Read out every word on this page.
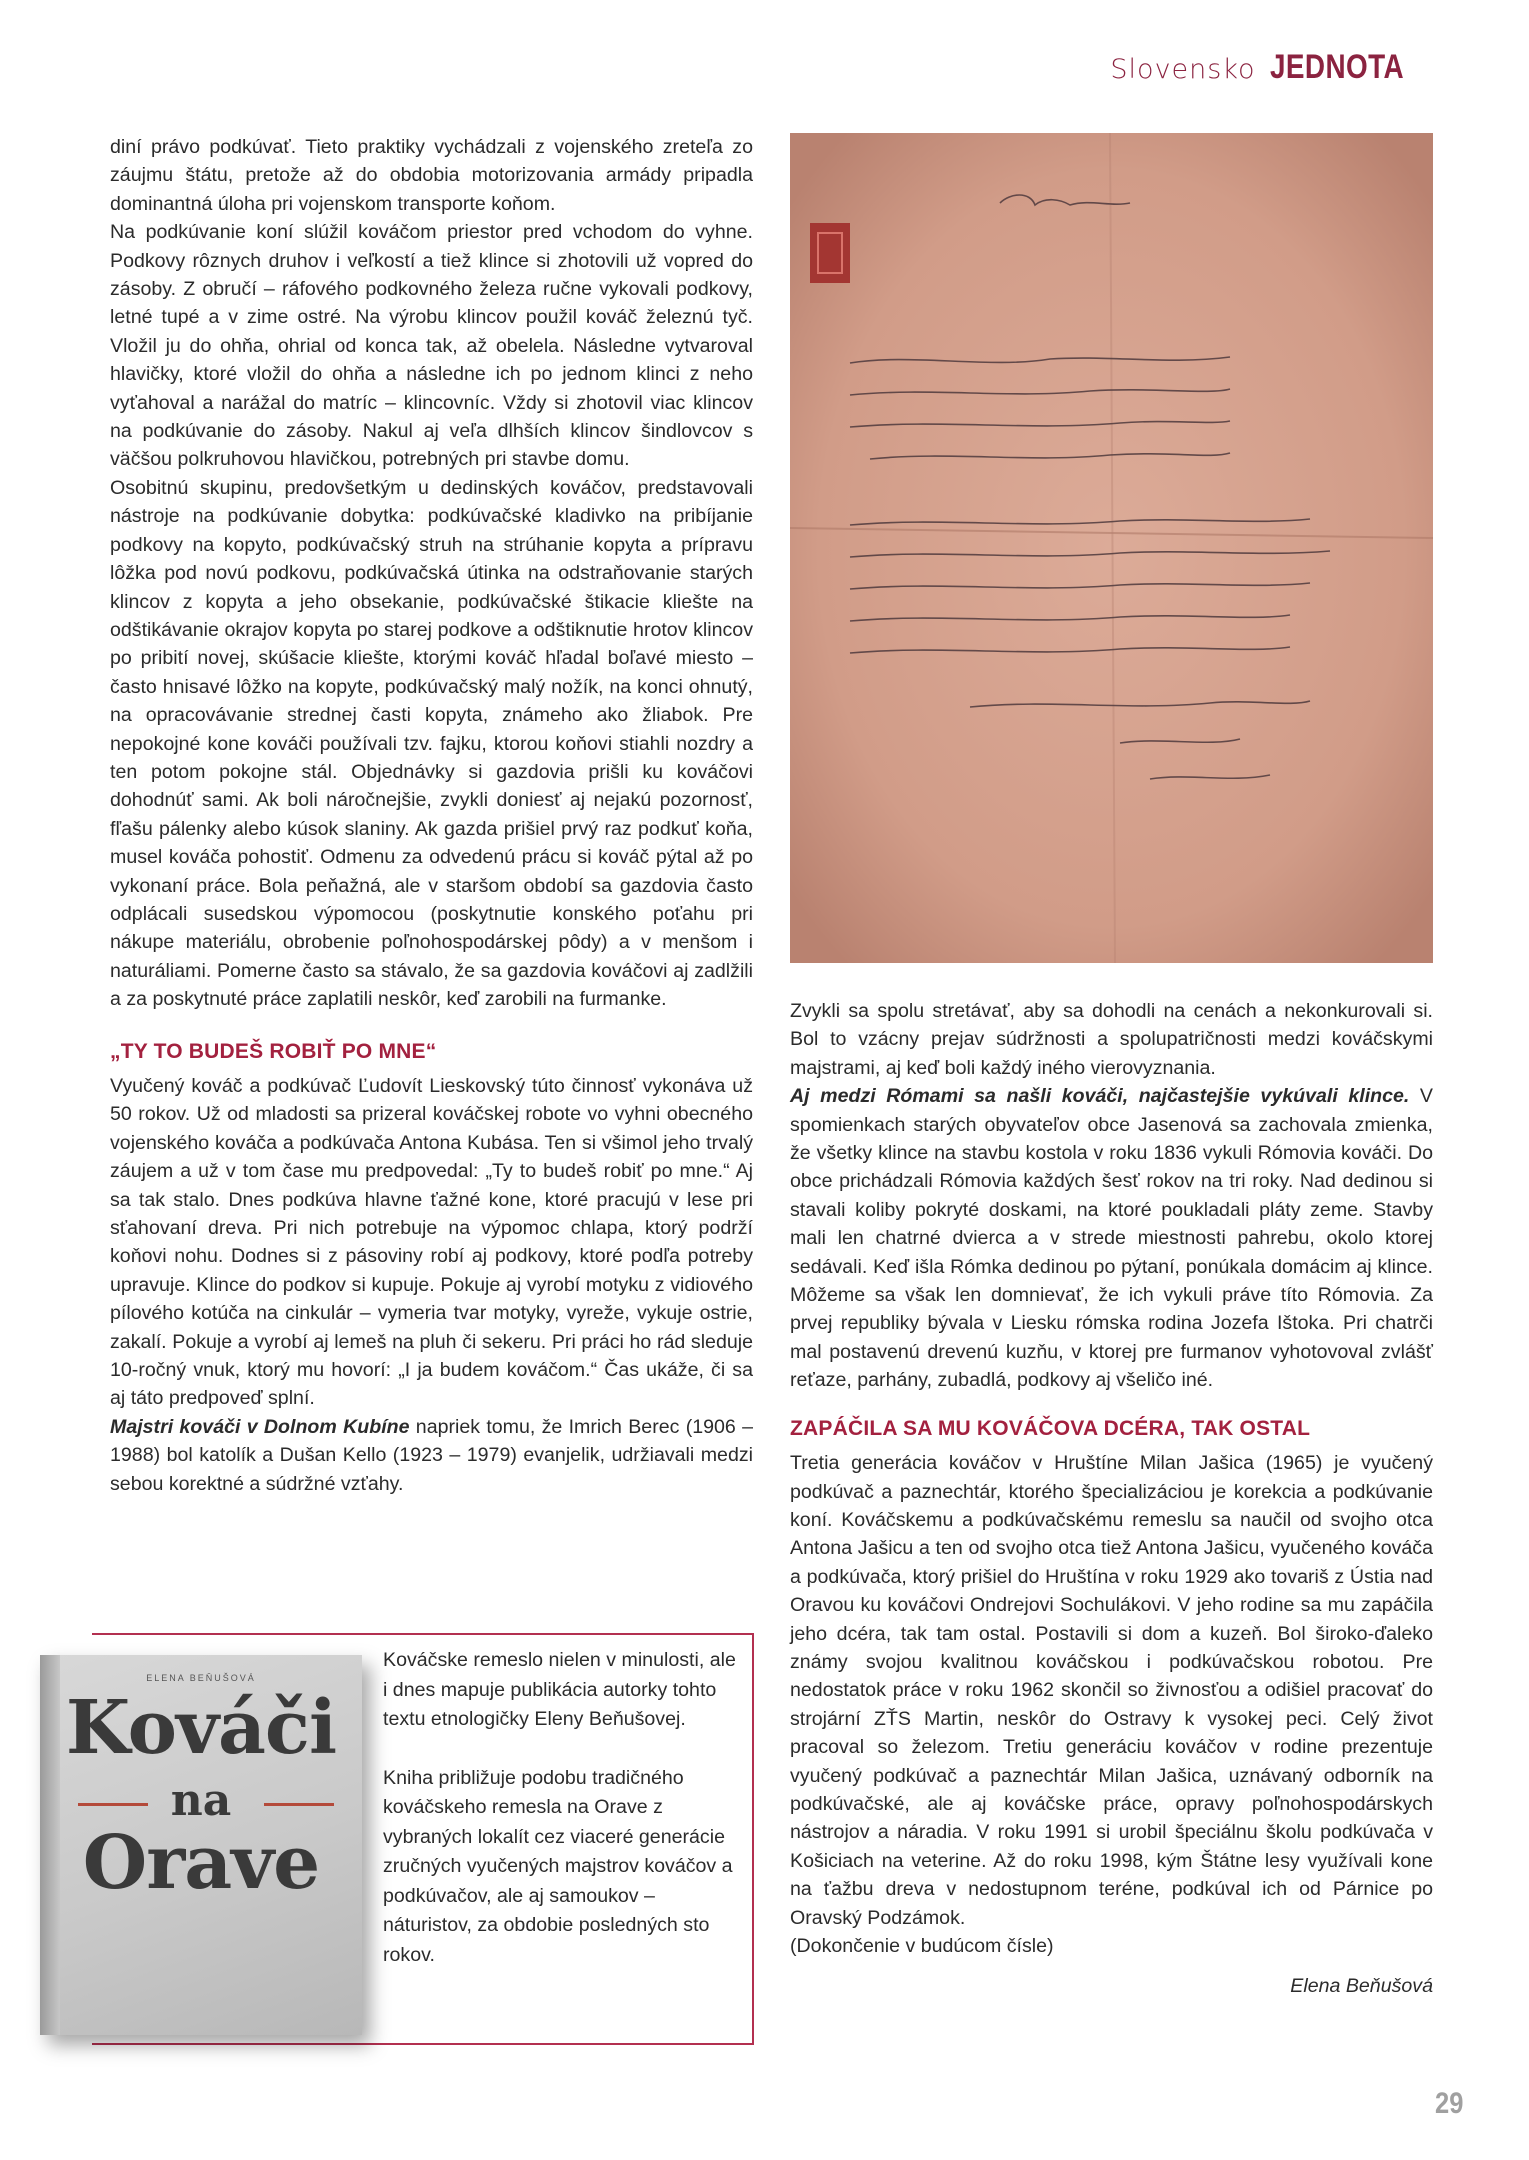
Slovensko JEDNOTA

diní právo podkúvať. Tieto praktiky vychádzali z vojenského zreteľa zo záujmu štátu, pretože až do obdobia motorizovania armády pripadla dominantná úloha pri vojenskom transporte koňom.

Na podkúvanie koní slúžil kováčom priestor pred vchodom do vyhne. Podkovy rôznych druhov i veľkostí a tiež klince si zhotovili už vopred do zásoby. Z obručí – ráfového podkovného železa ručne vykovali podkovy, letné tupé a v zime ostré. Na výrobu klincov použil kováč železnú tyč. Vložil ju do ohňa, ohrial od konca tak, až obelela. Následne vytvaroval hlavičky, ktoré vložil do ohňa a následne ich po jednom klinci z neho vyťahoval a narážal do matríc – klincovníc. Vždy si zhotovil viac klincov na podkúvanie do zásoby. Nakul aj veľa dlhších klincov šindlovcov s väčšou polkruhovou hlavičkou, potrebných pri stavbe domu.

Osobitnú skupinu, predovšetkým u dedinských kováčov, predstavovali nástroje na podkúvanie dobytka: podkúvačské kladivko na pribíjanie podkovy na kopyto, podkúvačský struh na strúhanie kopyta a prípravu lôžka pod novú podkovu, podkúvačská útinka na odstraňovanie starých klincov z kopyta a jeho obsekanie, podkúvačské štikacie kliešte na odštikávanie okrajov kopyta po starej podkove a odštiknutie hrotov klincov po pribití novej, skúšacie kliešte, ktorými kováč hľadal boľavé miesto – často hnisavé lôžko na kopyte, podkúvačský malý nožík, na konci ohnutý, na opracovávanie strednej časti kopyta, známeho ako žliabok. Pre nepokojné kone kováči používali tzv. fajku, ktorou koňovi stiahli nozdry a ten potom pokojne stál. Objednávky si gazdovia prišli ku kováčovi dohodnúť sami. Ak boli náročnejšie, zvykli doniesť aj nejakú pozornosť, fľašu pálenky alebo kúsok slaniny. Ak gazda prišiel prvý raz podkuť koňa, musel kováča pohostiť. Odmenu za odvedenú prácu si kováč pýtal až po vykonaní práce. Bola peňažná, ale v staršom období sa gazdovia často odplácali susedskou výpomocou (poskytnutie konského poťahu pri nákupe materiálu, obrobenie poľnohospodárskej pôdy) a v menšom i naturáliami. Pomerne často sa stávalo, že sa gazdovia kováčovi aj zadlžili a za poskytnuté práce zaplatili neskôr, keď zarobili na furmanke.

„TY TO BUDEŠ ROBIŤ PO MNE“

Vyučený kováč a podkúvač Ľudovít Lieskovský túto činnosť vykonáva už 50 rokov. Už od mladosti sa prizeral kováčskej robote vo vyhni obecného vojenského kováča a podkúvača Antona Kubása. Ten si všimol jeho trvalý záujem a už v tom čase mu predpovedal: „Ty to budeš robiť po mne.“ Aj sa tak stalo. Dnes podkúva hlavne ťažné kone, ktoré pracujú v lese pri sťahovaní dreva. Pri nich potrebuje na výpomoc chlapa, ktorý podrží koňovi nohu. Dodnes si z pásoviny robí aj podkovy, ktoré podľa potreby upravuje. Klince do podkov si kupuje. Pokuje aj vyrobí motyku z vidiového pílového kotúča na cinkulár – vymeria tvar motyky, vyreže, vykuje ostrie, zakalí. Pokuje a vyrobí aj lemeš na pluh či sekeru. Pri práci ho rád sleduje 10-ročný vnuk, ktorý mu hovorí: „I ja budem kováčom.“ Čas ukáže, či sa aj táto predpoveď splní.

Majstri kováči v Dolnom Kubíne napriek tomu, že Imrich Berec (1906 – 1988) bol katolík a Dušan Kello (1923 – 1979) evanjelik, udržiavali medzi sebou korektné a súdržné vzťahy.

Zvykli sa spolu stretávať, aby sa dohodli na cenách a nekonkurovali si. Bol to vzácny prejav súdržnosti a spolupatričnosti medzi kováčskymi majstrami, aj keď boli každý iného vierovyznania.

Aj medzi Rómami sa našli kováči, najčastejšie vykúvali klince. V spomienkach starých obyvateľov obce Jasenová sa zachovala zmienka, že všetky klince na stavbu kostola v roku 1836 vykuli Rómovia kováči. Do obce prichádzali Rómovia každých šesť rokov na tri roky. Nad dedinou si stavali koliby pokryté doskami, na ktoré poukladali pláty zeme. Stavby mali len chatrné dvierca a v strede miestnosti pahrebu, okolo ktorej sedávali. Keď išla Rómka dedinou po pýtaní, ponúkala domácim aj klince. Môžeme sa však len domnievať, že ich vykuli práve títo Rómovia. Za prvej republiky bývala v Liesku rómska rodina Jozefa Ištoka. Pri chatrči mal postavenú drevenú kuzňu, v ktorej pre furmanov vyhotovoval zvlášť reťaze, parhány, zubadlá, podkovy aj všeličo iné.

ZAPÁČILA SA MU KOVÁČOVA DCÉRA, TAK OSTAL

Tretia generácia kováčov v Hruštíne Milan Jašica (1965) je vyučený podkúvač a paznechtár, ktorého špecializáciou je korekcia a podkúvanie koní. Kováčskemu a podkúvačskému remeslu sa naučil od svojho otca Antona Jašicu a ten od svojho otca tiež Antona Jašicu, vyučeného kováča a podkúvača, ktorý prišiel do Hruštína v roku 1929 ako tovariš z Ústia nad Oravou ku kováčovi Ondrejovi Sochulákovi. V jeho rodine sa mu zapáčila jeho dcéra, tak tam ostal. Postavili si dom a kuzeň. Bol široko-ďaleko známy svojou kvalitnou kováčskou i podkúvačskou robotou. Pre nedostatok práce v roku 1962 skončil so živnosťou a odišiel pracovať do strojární ZŤS Martin, neskôr do Ostravy k vysokej peci. Celý život pracoval so železom. Tretiu generáciu kováčov v rodine prezentuje vyučený podkúvač a paznechtár Milan Jašica, uznávaný odborník na podkúvačské, ale aj kováčske práce, opravy poľnohospodárskych nástrojov a náradia. V roku 1991 si urobil špeciálnu školu podkúvača v Košiciach na veterine. Až do roku 1998, kým Štátne lesy využívali kone na ťažbu dreva v nedostupnom teréne, podkúval ich od Párnice po Oravský Podzámok.

(Dokončenie v budúcom čísle)

Elena Beňušová

ELENA BEŇUŠOVÁ
Kováči
na
Orave

Kováčske remeslo nielen v minulosti, ale i dnes mapuje publikácia autorky tohto textu etnologičky Eleny Beňušovej.

Kniha približuje podobu tradičného kováčskeho remesla na Orave z vybraných lokalít cez viaceré generácie zručných vyučených majstrov kováčov a podkúvačov, ale aj samoukov – náturistov, za obdobie posledných sto rokov.

29
